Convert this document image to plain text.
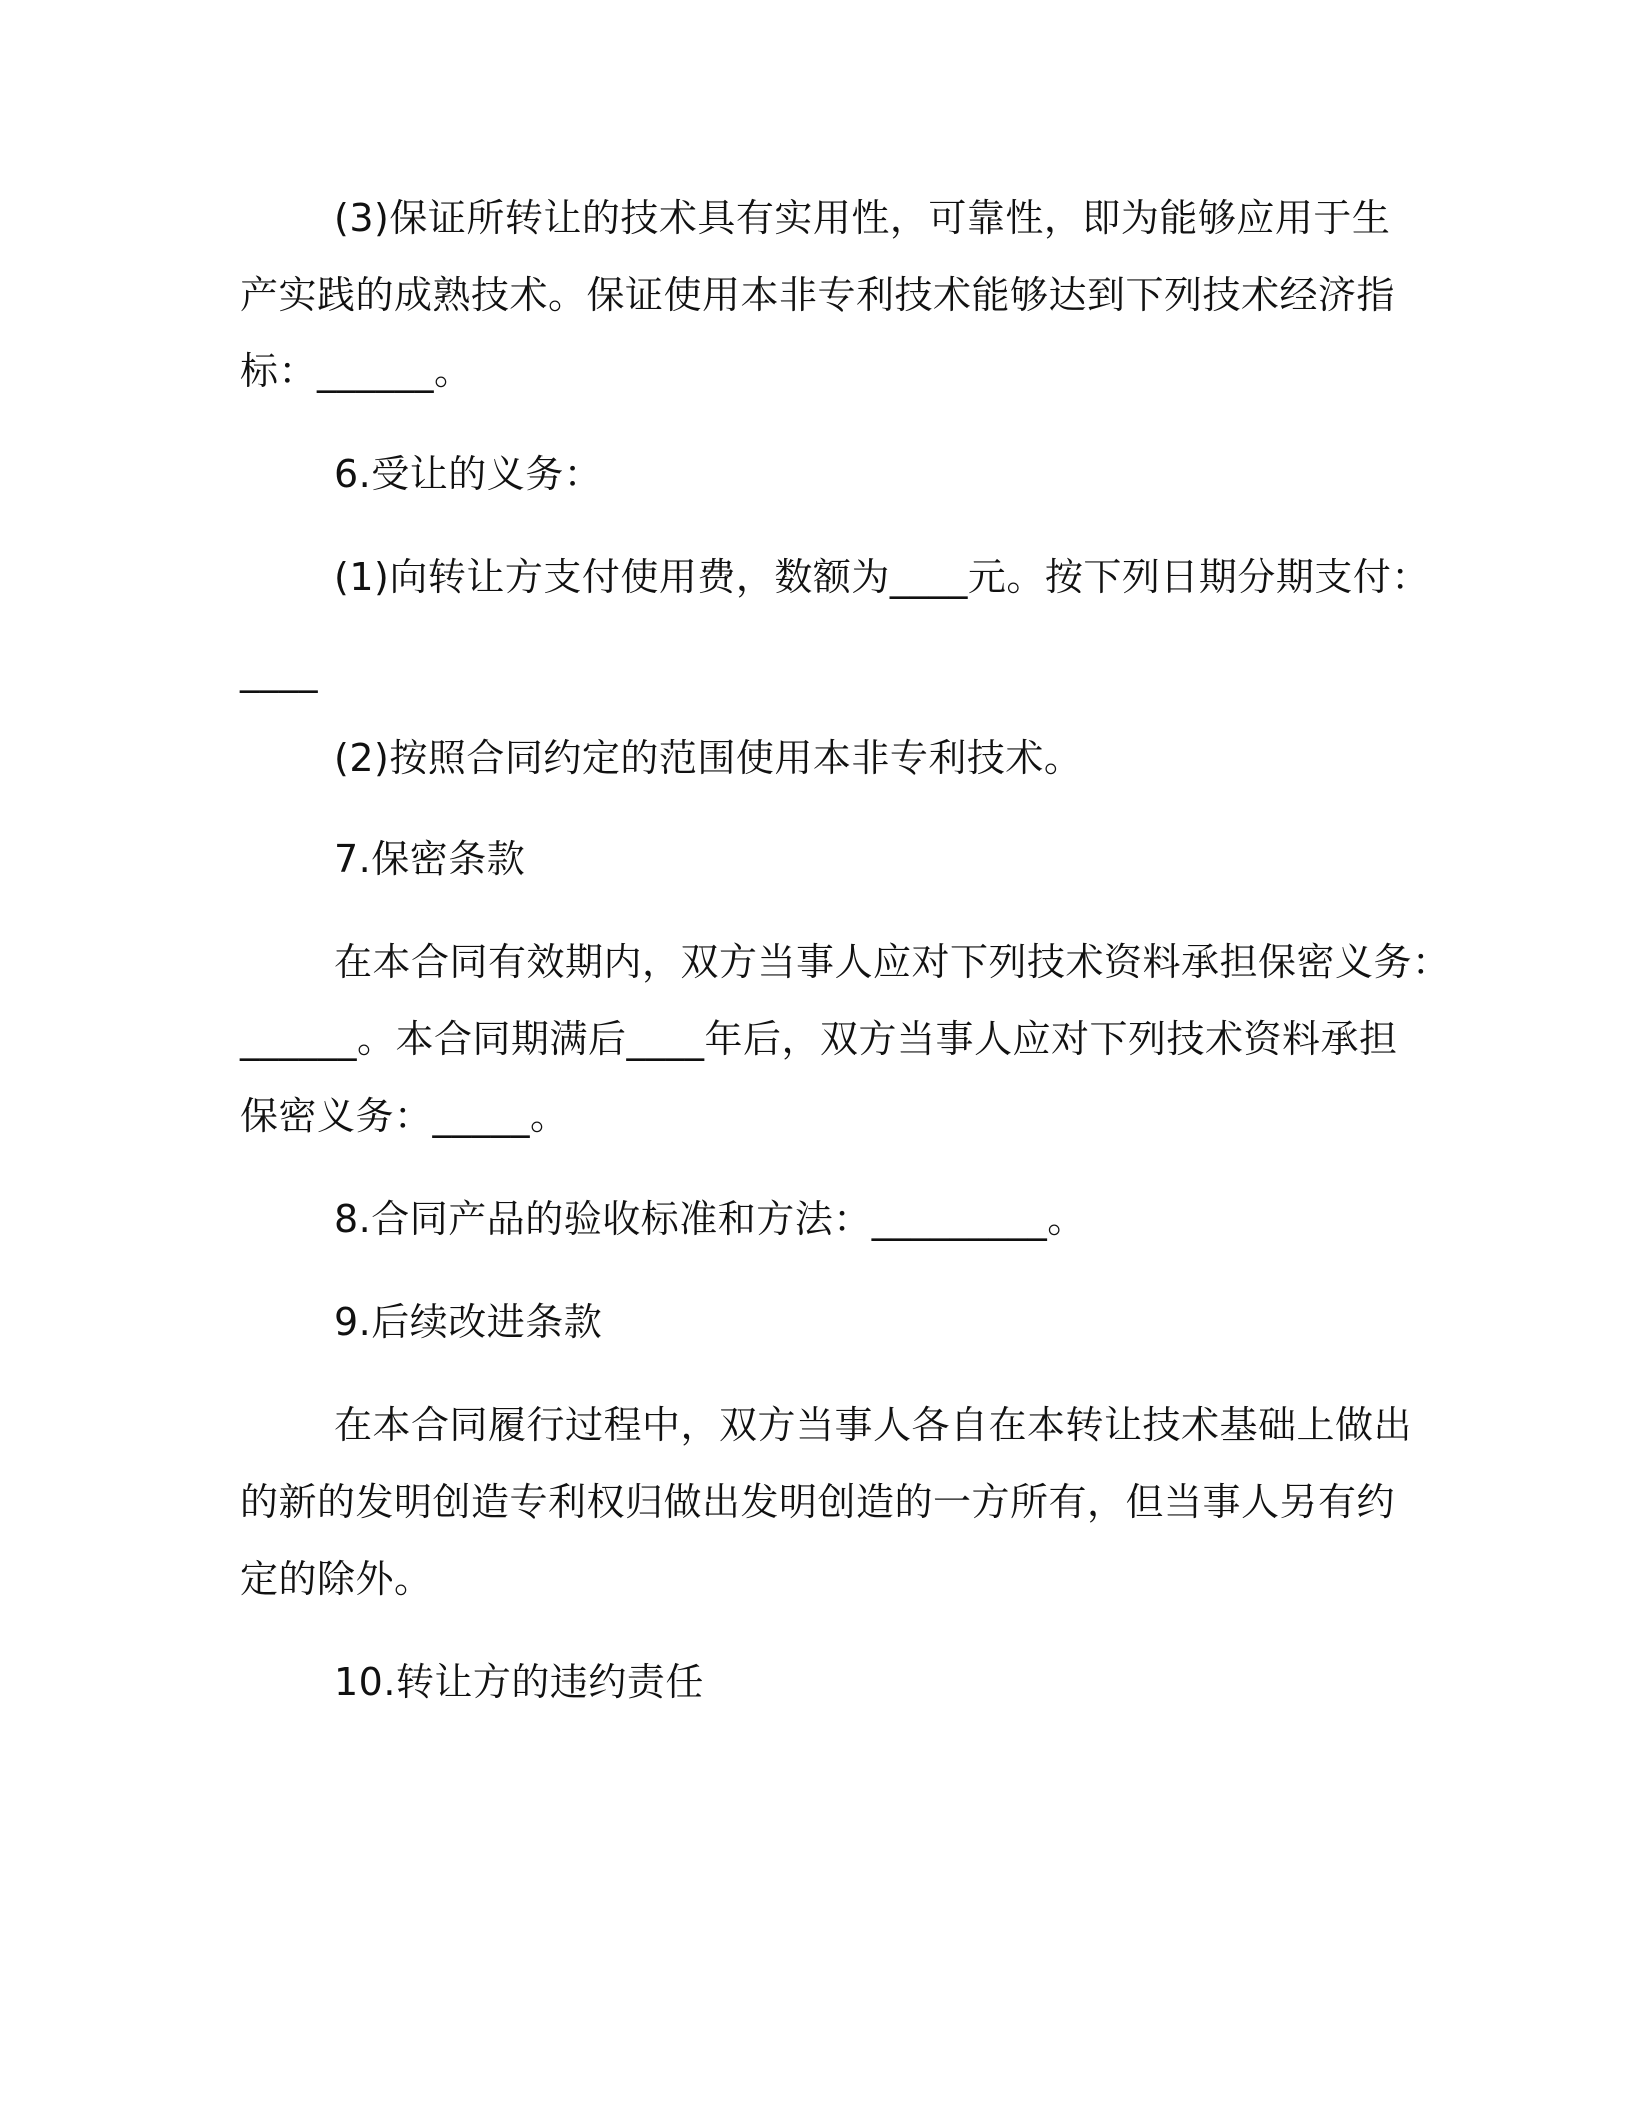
(3)保证所转让的技术具有实用性，可靠性，即为能够应用于生
产实践的成熟技术。保证使用本非专利技术能够达到下列技术经济指
标：______。
6.受让的义务：
(1)向转让方支付使用费，数额为____元。按下列日期分期支付：
____
(2)按照合同约定的范围使用本非专利技术。
7.保密条款
在本合同有效期内，双方当事人应对下列技术资料承担保密义务：
______。本合同期满后____年后，双方当事人应对下列技术资料承担
保密义务：_____。
8.合同产品的验收标准和方法：_________。
9.后续改进条款
在本合同履行过程中，双方当事人各自在本转让技术基础上做出
的新的发明创造专利权归做出发明创造的一方所有，但当事人另有约
定的除外。
10.转让方的违约责任
